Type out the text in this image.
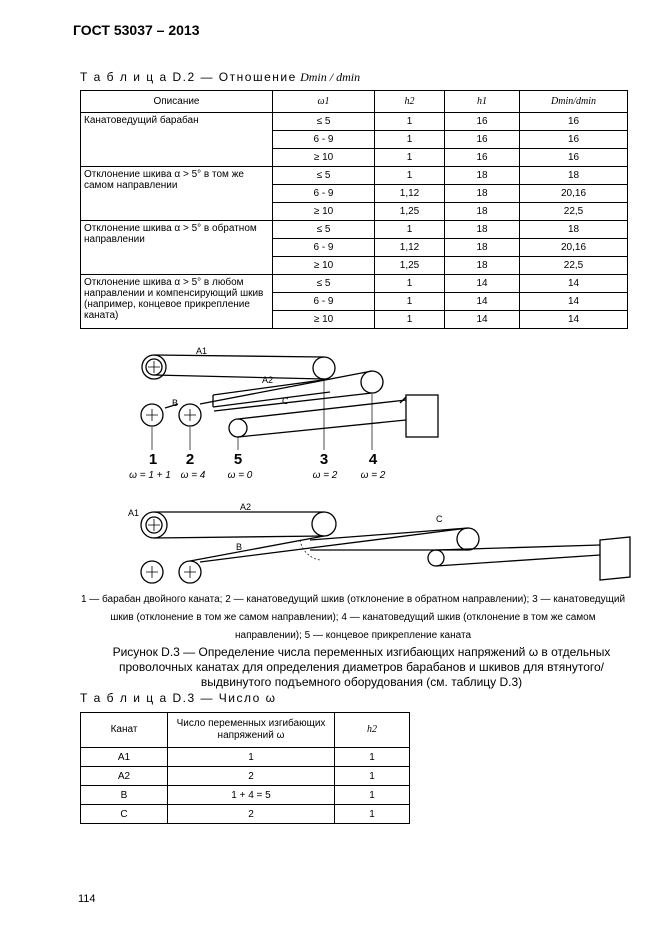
ГОСТ 53037 – 2013
Т а б л и ц а D.2 — Отношение Dmin / dmin
Описание	ω1	h2	h1	Dmin/dmin
Канатоведущий барабан	≤ 5	1	16	16
	6 - 9	1	16	16
	≥ 10	1	16	16
Отклонение шкива α > 5° в том же самом направлении	≤ 5	1	18	18
	6 - 9	1,12	18	20,16
	≥ 10	1,25	18	22,5
Отклонение шкива α > 5° в обратном направлении	≤ 5	1	18	18
	6 - 9	1,12	18	20,16
	≥ 10	1,25	18	22,5
Отклонение шкива α > 5° в любом направлении и компенсирующий шкив (например, концевое прикрепление каната)	≤ 5	1	14	14
	6 - 9	1	14	14
	≥ 10	1	14	14
A1
A2
B	C
A1
A2
B
C
1 2	5	3	4
ω = 1 + 1 ω = 4 ω = 0	ω = 2 ω = 2
1 — барабан двойного каната; 2 — канатоведущий шкив (отклонение в обратном направлении); 3 — канатоведущий шкив (отклонение в том же самом направлении); 4 — канатоведущий шкив (отклонение в том же самом направлении); 5 — концевое прикрепление каната
Рисунок D.3 — Определение числа переменных изгибающих напряжений ω в отдельных проволочных канатах для определения диаметров барабанов и шкивов для втянутого/выдвинутого подъемного оборудования (см. таблицу D.3)
Т а б л и ц а D.3 — Число ω
Канат	Число переменных изгибающих напряжений ω	h2
A1	1	1
A2	2	1
B	1 + 4 = 5	1
C	2	1
114
